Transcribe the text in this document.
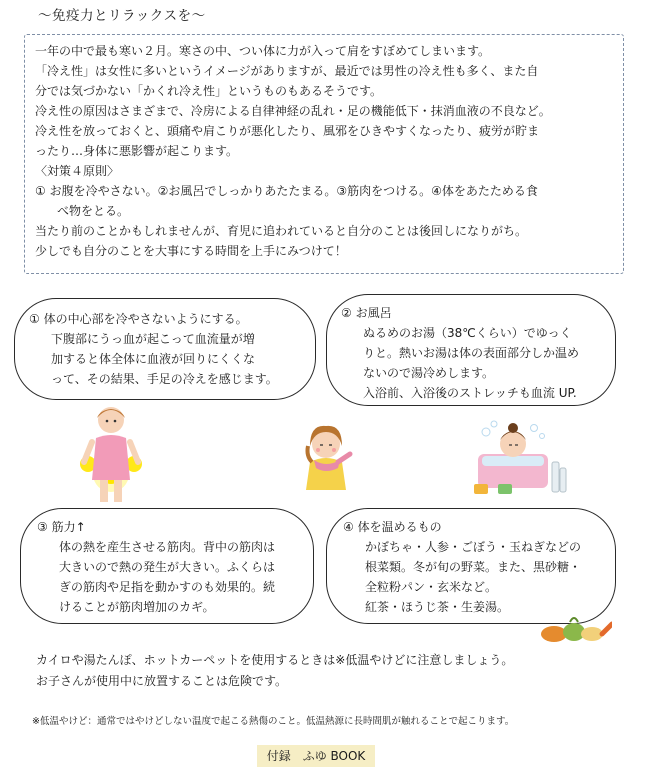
～免疫力とリラックスを～

一年の中で最も寒い２月。寒さの中、つい体に力が入って肩をすぼめてしまいます。

「冷え性」は女性に多いというイメージがありますが、最近では男性の冷え性も多く、また自

分では気づかない「かくれ冷え性」というものもあるそうです。

冷え性の原因はさまざまで、冷房による自律神経の乱れ・足の機能低下・抹消血液の不良など。

冷え性を放っておくと、頭痛や肩こりが悪化したり、風邪をひきやすくなったり、疲労が貯ま

ったり…身体に悪影響が起こります。

〈対策４原則〉

① お腹を冷やさない。②お風呂でしっかりあたたまる。③筋肉をつける。④体をあたためる食

べ物をとる。

当たり前のことかもしれませんが、育児に追われていると自分のことは後回しになりがち。

少しでも自分のことを大事にする時間を上手にみつけて！

① 体の中心部を冷やさないようにする。

下腹部にうっ血が起こって血流量が増

加すると体全体に血液が回りにくくな

って、その結果、手足の冷えを感じます。

② お風呂

ぬるめのお湯（38℃くらい）でゆっく

りと。熱いお湯は体の表面部分しか温め

ないので湯冷めします。

入浴前、入浴後のストレッチも血流 UP.

③ 筋力↑

体の熱を産生させる筋肉。背中の筋肉は

大きいので熱の発生が大きい。ふくらは

ぎの筋肉や足指を動かすのも効果的。続

けることが筋肉増加のカギ。

④ 体を温めるもの

かぼちゃ・人参・ごぼう・玉ねぎなどの

根菜類。冬が旬の野菜。また、黒砂糖・

全粒粉パン・玄米など。

紅茶・ほうじ茶・生姜湯。

カイロや湯たんぽ、ホットカーペットを使用するときは※低温やけどに注意しましょう。

お子さんが使用中に放置することは危険です。

※低温やけど：通常ではやけどしない温度で起こる熱傷のこと。低温熱源に長時間肌が触れることで起こります。
付録　ふゆ BOOK
